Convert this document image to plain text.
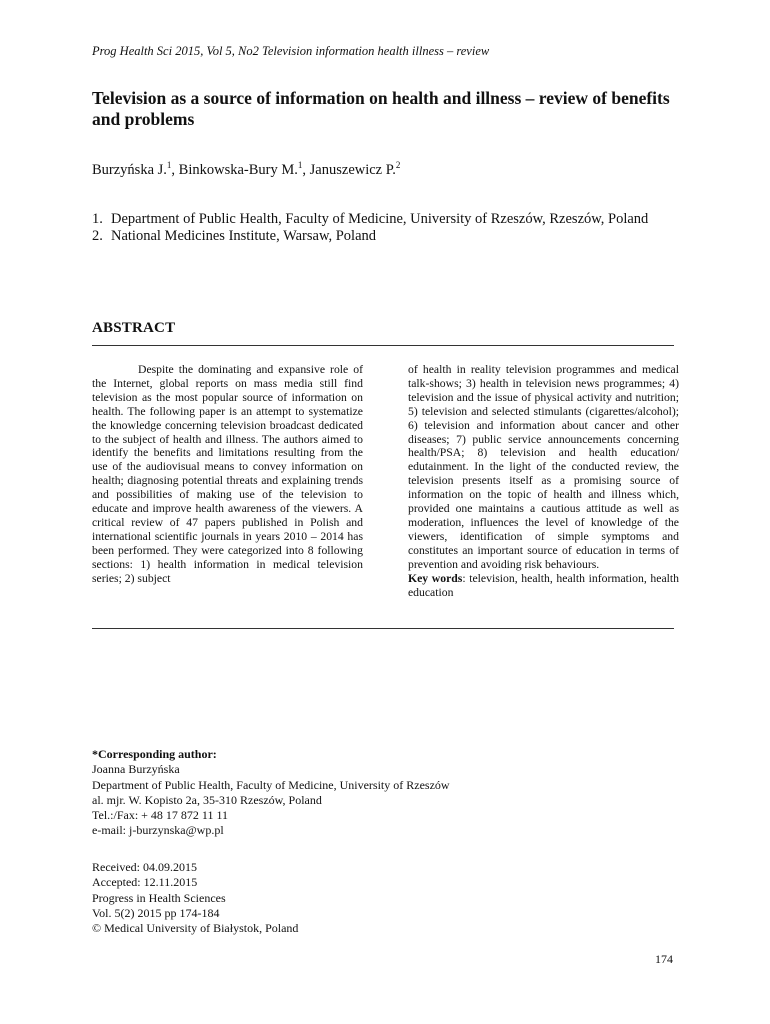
Prog Health Sci 2015, Vol 5, No2 Television information health illness – review
Television as a source of information on health and illness – review of benefits and problems
Burzyńska J.$^1$, Binkowska-Bury M.$^1$, Januszewicz P.$^2$
1. Department of Public Health, Faculty of Medicine, University of Rzeszów, Rzeszów, Poland
2. National Medicines Institute, Warsaw, Poland
ABSTRACT

Despite the dominating and expansive role of the Internet, global reports on mass media still find television as the most popular source of information on health. The following paper is an attempt to systematize the knowledge concerning television broadcast dedicated to the subject of health and illness. The authors aimed to identify the benefits and limitations resulting from the use of the audiovisual means to convey information on health; diagnosing potential threats and explaining trends and possibilities of making use of the television to educate and improve health awareness of the viewers. A critical review of 47 papers published in Polish and international scientific journals in years 2010 – 2014 has been performed. They were categorized into 8 following sections: 1) health information in medical television series; 2) subject

of health in reality television programmes and medical talk-shows; 3) health in television news programmes; 4) television and the issue of physical activity and nutrition; 5) television and selected stimulants (cigarettes/alcohol); 6) television and information about cancer and other diseases; 7) public service announcements concerning health/PSA; 8) television and health education/ edutainment. In the light of the conducted review, the television presents itself as a promising source of information on the topic of health and illness which, provided one maintains a cautious attitude as well as moderation, influences the level of knowledge of the viewers, identification of simple symptoms and constitutes an important source of education in terms of prevention and avoiding risk behaviours.

Key words: television, health, health information, health education

*Corresponding author:
Joanna Burzyńska
Department of Public Health, Faculty of Medicine, University of Rzeszów
al. mjr. W. Kopisto 2a, 35-310 Rzeszów, Poland
Tel.:/Fax: + 48 17 872 11 11
e-mail: j-burzynska@wp.pl
Received: 04.09.2015
Accepted: 12.11.2015
Progress in Health Sciences
Vol. 5(2) 2015 pp 174-184
© Medical University of Białystok, Poland
174
